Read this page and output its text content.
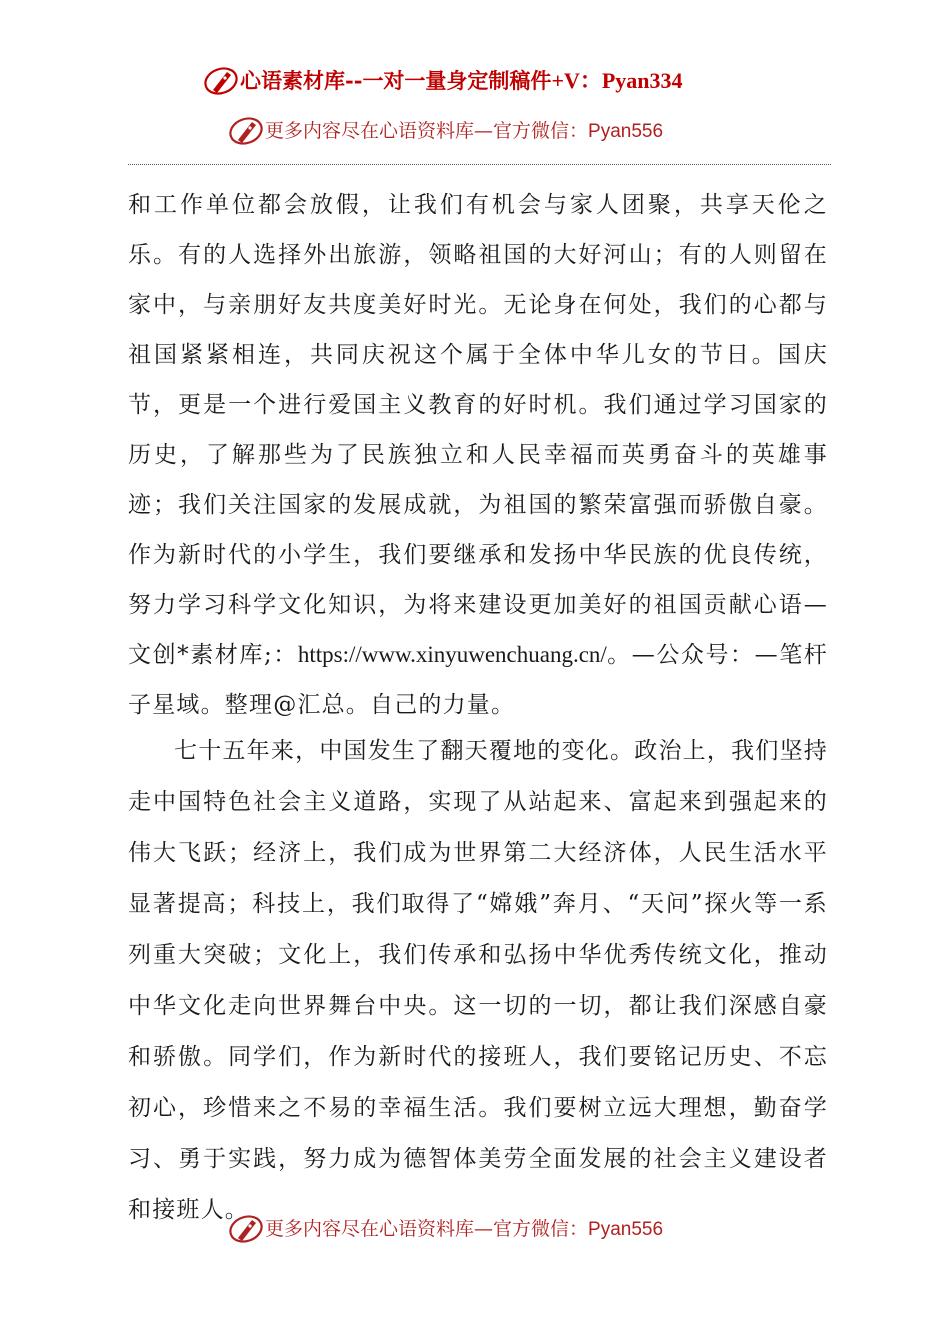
心语素材库--一对一量身定制稿件+V：Pyan334
更多内容尽在心语资料库—官方微信：Pyan556

和工作单位都会放假，让我们有机会与家人团聚，共享天伦之乐。有的人选择外出旅游，领略祖国的大好河山；有的人则留在家中，与亲朋好友共度美好时光。无论身在何处，我们的心都与祖国紧紧相连，共同庆祝这个属于全体中华儿女的节日。国庆节，更是一个进行爱国主义教育的好时机。我们通过学习国家的历史，了解那些为了民族独立和人民幸福而英勇奋斗的英雄事迹；我们关注国家的发展成就，为祖国的繁荣富强而骄傲自豪。作为新时代的小学生，我们要继承和发扬中华民族的优良传统，努力学习科学文化知识，为将来建设更加美好的祖国贡献心语—文创*素材库;：https://www.xinyuwenchuang.cn/。—公众号：—笔杆子星域。整理@汇总。自己的力量。

七十五年来，中国发生了翻天覆地的变化。政治上，我们坚持走中国特色社会主义道路，实现了从站起来、富起来到强起来的伟大飞跃；经济上，我们成为世界第二大经济体，人民生活水平显著提高；科技上，我们取得了“嫦娥”奔月、“天问”探火等一系列重大突破；文化上，我们传承和弘扬中华优秀传统文化，推动中华文化走向世界舞台中央。这一切的一切，都让我们深感自豪和骄傲。同学们，作为新时代的接班人，我们要铭记历史、不忘初心，珍惜来之不易的幸福生活。我们要树立远大理想，勤奋学习、勇于实践，努力成为德智体美劳全面发展的社会主义建设者和接班人。

更多内容尽在心语资料库—官方微信：Pyan556
